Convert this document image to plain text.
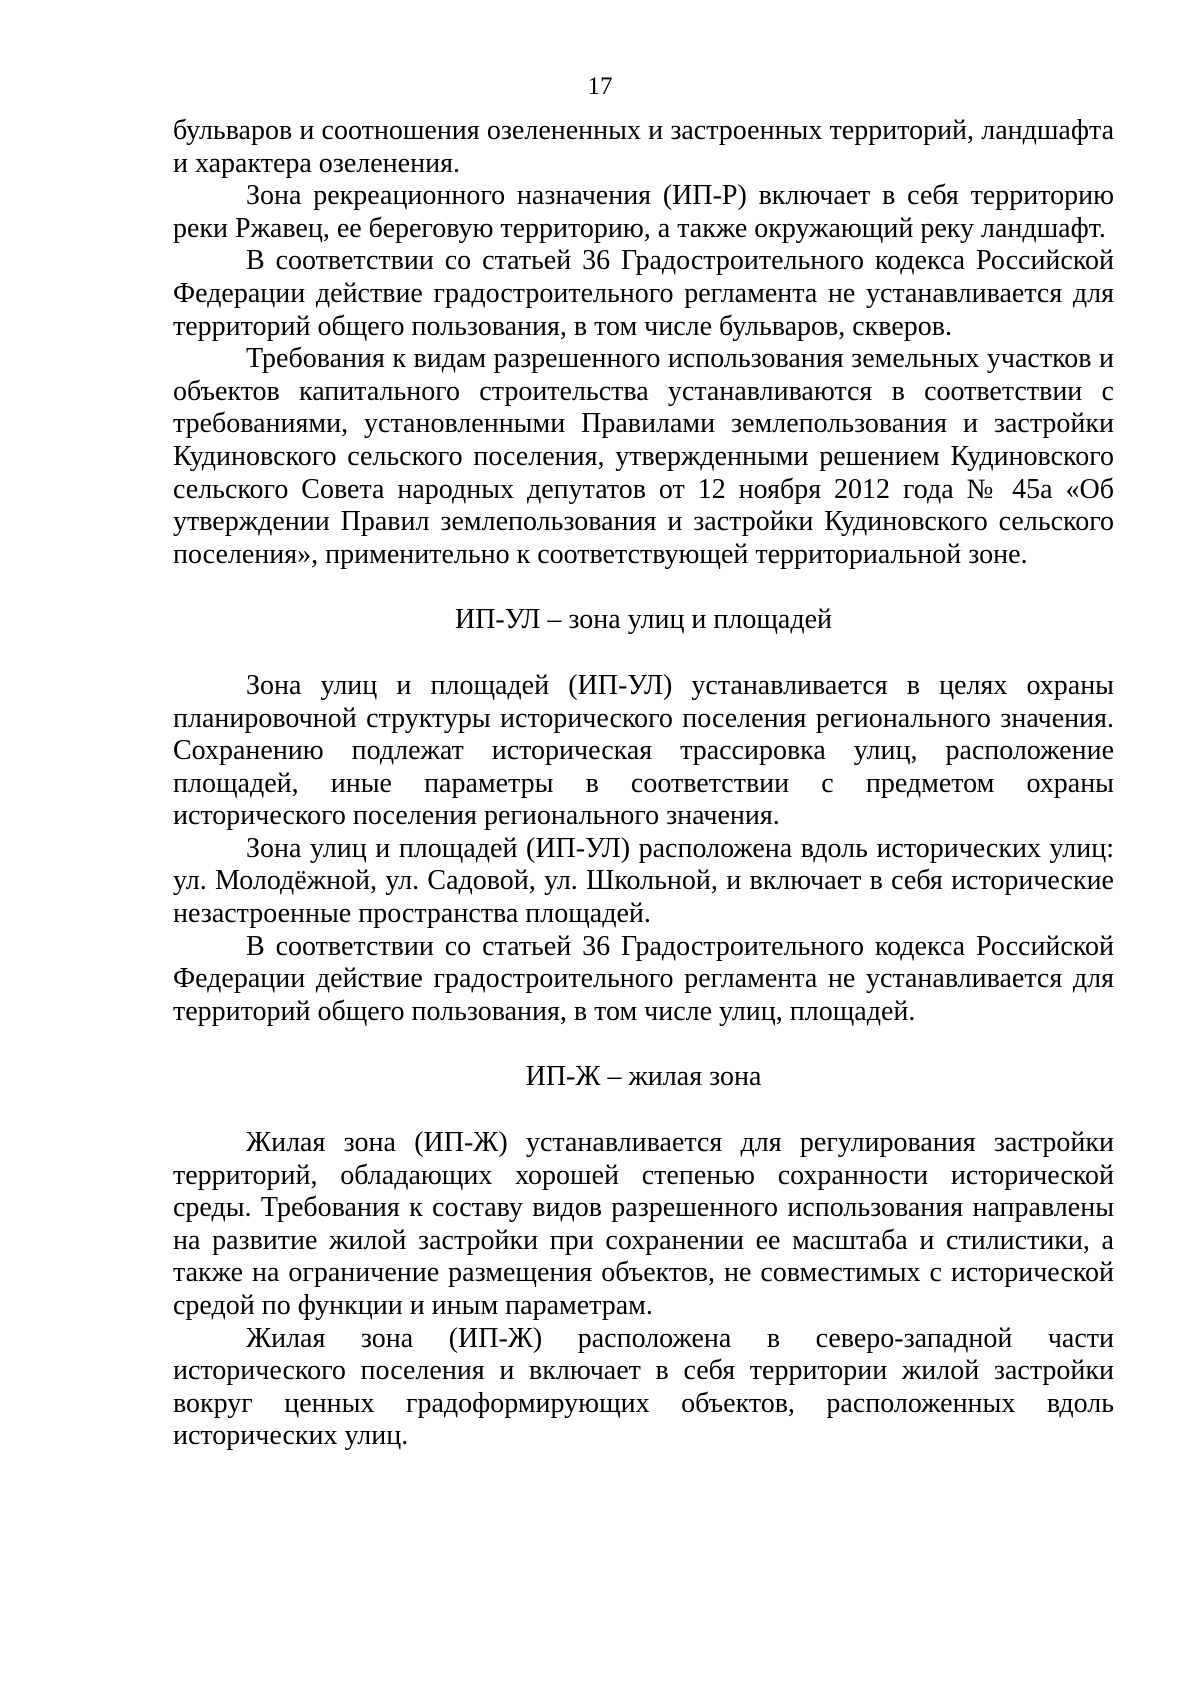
17

бульваров и соотношения озелененных и застроенных территорий, ландшафта и характера озеленения.

Зона рекреационного назначения (ИП-Р) включает в себя территорию реки Ржавец, ее береговую территорию, а также окружающий реку ландшафт.

В соответствии со статьей 36 Градостроительного кодекса Российской Федерации действие градостроительного регламента не устанавливается для территорий общего пользования, в том числе бульваров, скверов.

Требования к видам разрешенного использования земельных участков и объектов капитального строительства устанавливаются в соответствии с требованиями, установленными Правилами землепользования и застройки Кудиновского сельского поселения, утвержденными решением Кудиновского сельского Совета народных депутатов от 12 ноября 2012 года № 45а «Об утверждении Правил землепользования и застройки Кудиновского сельского поселения», применительно к соответствующей территориальной зоне.

ИП-УЛ – зона улиц и площадей

Зона улиц и площадей (ИП-УЛ) устанавливается в целях охраны планировочной структуры исторического поселения регионального значения. Сохранению подлежат историческая трассировка улиц, расположение площадей, иные параметры в соответствии с предметом охраны исторического поселения регионального значения.

Зона улиц и площадей (ИП-УЛ) расположена вдоль исторических улиц: ул. Молодёжной, ул. Садовой, ул. Школьной, и включает в себя исторические незастроенные пространства площадей.

В соответствии со статьей 36 Градостроительного кодекса Российской Федерации действие градостроительного регламента не устанавливается для территорий общего пользования, в том числе улиц, площадей.

ИП-Ж – жилая зона

Жилая зона (ИП-Ж) устанавливается для регулирования застройки территорий, обладающих хорошей степенью сохранности исторической среды. Требования к составу видов разрешенного использования направлены на развитие жилой застройки при сохранении ее масштаба и стилистики, а также на ограничение размещения объектов, не совместимых с исторической средой по функции и иным параметрам.

Жилая зона (ИП-Ж) расположена в северо-западной части исторического поселения и включает в себя территории жилой застройки вокруг ценных градоформирующих объектов, расположенных вдоль исторических улиц.
